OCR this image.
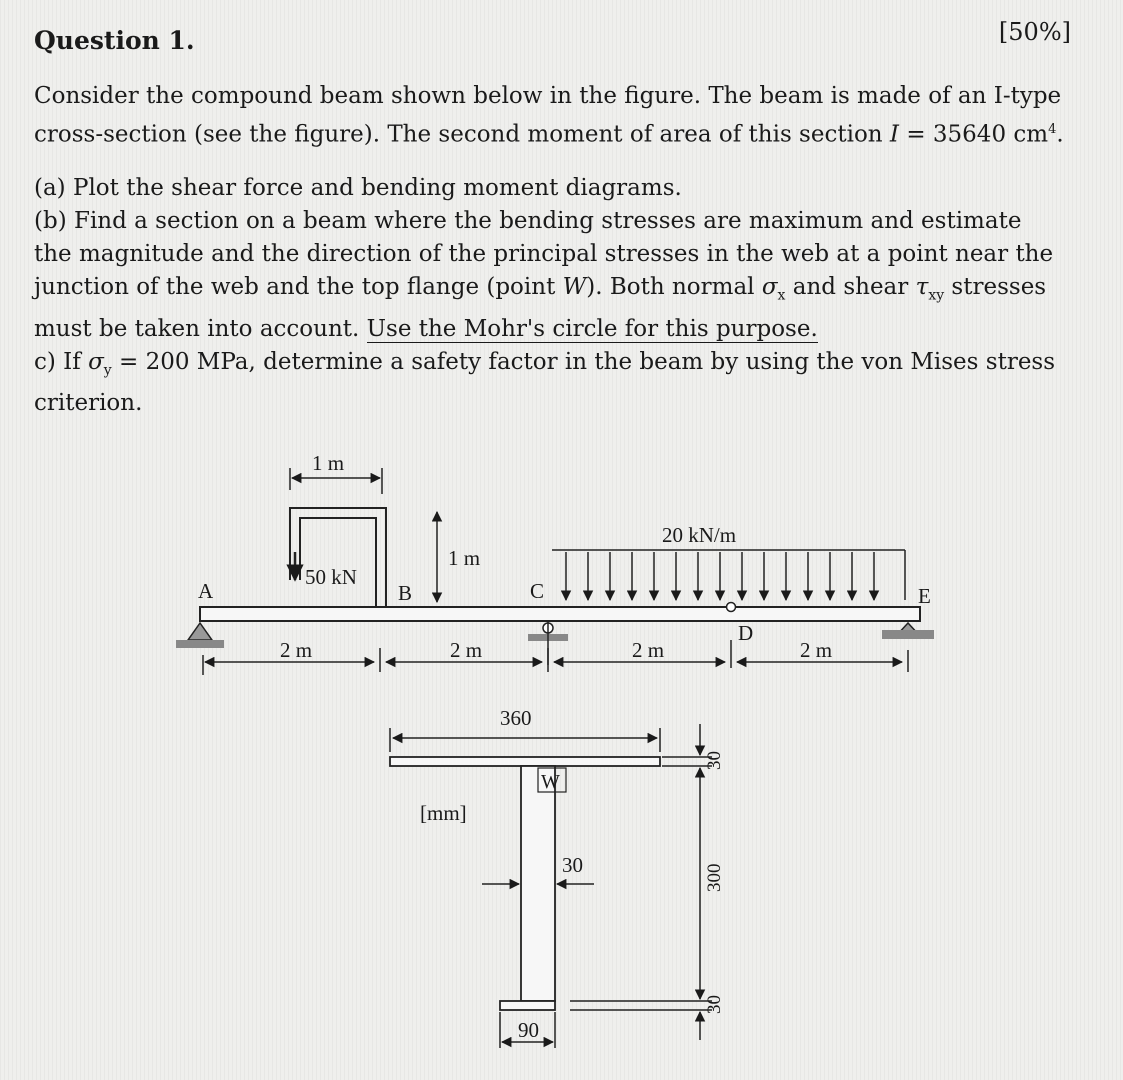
Question 1.	[50%]
Consider the compound beam shown below in the figure. The beam is made of an I-type
cross-section (see the figure). The second moment of area of this section I = 35640 $cm^4$.
(a) Plot the shear force and bending moment diagrams.
(b) Find a section on a beam where the bending stresses are maximum and estimate
the magnitude and the direction of the principal stresses in the web at a point near the
junction of the web and the top flange (point W). Both normal $\sigma_x$ and shear $\tau_{xy}$ stresses
must be taken into account. Use the Mohr's circle for this purpose.
c) If $\sigma_y = 200$ MPa, determine a safety factor in the beam by using the von Mises stress
criterion.
50 kN
1 m
1 m
20 kN/m
A	B	C
D
E
2 m	2 m	2 m	2 m
360
[mm]
W
30
30
300
30
90
